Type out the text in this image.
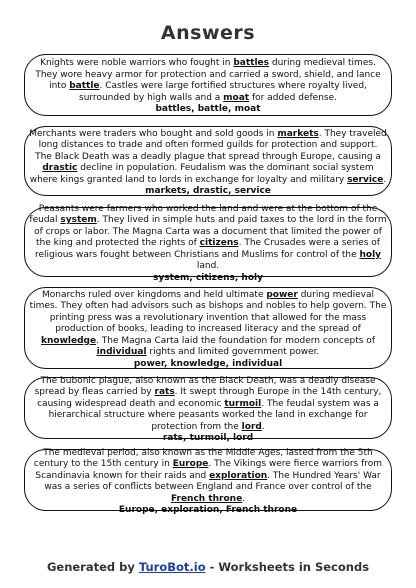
Answers

Knights were noble warriors who fought in battles during medieval times. They wore heavy armor for protection and carried a sword, shield, and lance into battle. Castles were large fortified structures where royalty lived, surrounded by high walls and a moat for added defense.

battles, battle, moat

Merchants were traders who bought and sold goods in markets. They traveled long distances to trade and often formed guilds for protection and support. The Black Death was a deadly plague that spread through Europe, causing a drastic decline in population. Feudalism was the dominant social system where kings granted land to lords in exchange for loyalty and military service.

markets, drastic, service

Peasants were farmers who worked the land and were at the bottom of the feudal system. They lived in simple huts and paid taxes to the lord in the form of crops or labor. The Magna Carta was a document that limited the power of the king and protected the rights of citizens. The Crusades were a series of religious wars fought between Christians and Muslims for control of the holy land.

system, citizens, holy

Monarchs ruled over kingdoms and held ultimate power during medieval times. They often had advisors such as bishops and nobles to help govern. The printing press was a revolutionary invention that allowed for the mass production of books, leading to increased literacy and the spread of knowledge. The Magna Carta laid the foundation for modern concepts of individual rights and limited government power.

power, knowledge, individual

The bubonic plague, also known as the Black Death, was a deadly disease spread by fleas carried by rats. It swept through Europe in the 14th century, causing widespread death and economic turmoil. The feudal system was a hierarchical structure where peasants worked the land in exchange for protection from the lord.

rats, turmoil, lord

The medieval period, also known as the Middle Ages, lasted from the 5th century to the 15th century in Europe. The Vikings were fierce warriors from Scandinavia known for their raids and exploration. The Hundred Years' War was a series of conflicts between England and France over control of the French throne.

Europe, exploration, French throne

Generated by TuroBot.io - Worksheets in Seconds
